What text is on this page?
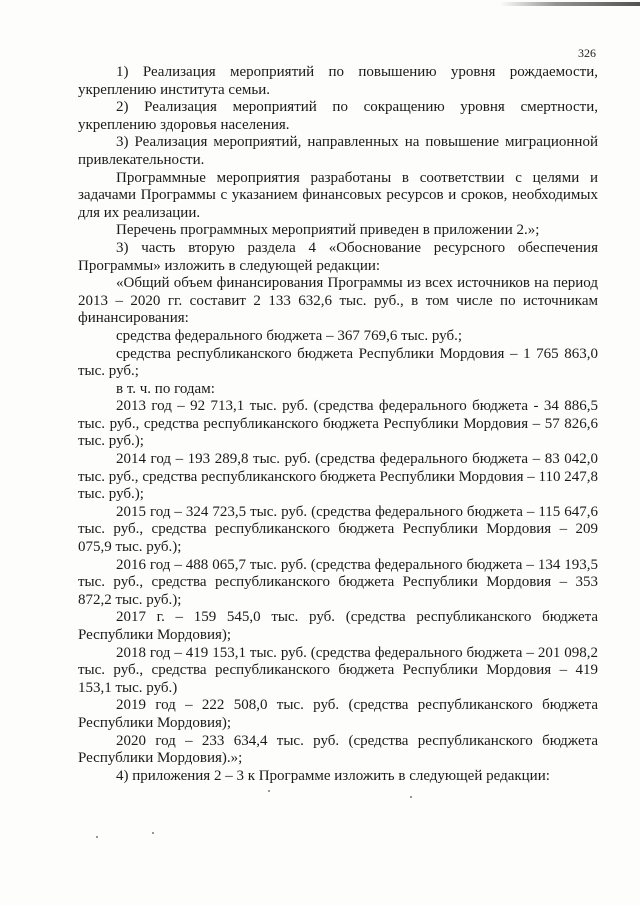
326

1) Реализация мероприятий по повышению уровня рождаемости, укреплению института семьи.

2) Реализация мероприятий по сокращению уровня смертности, укреплению здоровья населения.

3) Реализация мероприятий, направленных на повышение миграционной привлекательности.

Программные мероприятия разработаны в соответствии с целями и задачами Программы с указанием финансовых ресурсов и сроков, необходимых для их реализации.

Перечень программных мероприятий приведен в приложении 2.»;

3) часть вторую раздела 4 «Обоснование ресурсного обеспечения Программы» изложить в следующей редакции:

«Общий объем финансирования Программы из всех источников на период 2013 – 2020 гг. составит 2 133 632,6 тыс. руб., в том числе по источникам финансирования:

средства федерального бюджета – 367 769,6 тыс. руб.;

средства республиканского бюджета Республики Мордовия – 1 765 863,0 тыс. руб.;

в т. ч. по годам:

2013 год – 92 713,1 тыс. руб. (средства федерального бюджета - 34 886,5 тыс. руб., средства республиканского бюджета Республики Мордовия – 57 826,6 тыс. руб.);

2014 год – 193 289,8 тыс. руб. (средства федерального бюджета – 83 042,0 тыс. руб., средства республиканского бюджета Республики Мордовия – 110 247,8 тыс. руб.);

2015 год – 324 723,5 тыс. руб. (средства федерального бюджета – 115 647,6 тыс. руб., средства республиканского бюджета Республики Мордовия – 209 075,9 тыс. руб.);

2016 год – 488 065,7 тыс. руб. (средства федерального бюджета – 134 193,5 тыс. руб., средства республиканского бюджета Республики Мордовия – 353 872,2 тыс. руб.);

2017 г. – 159 545,0 тыс. руб. (средства республиканского бюджета Республики Мордовия);

2018 год – 419 153,1 тыс. руб. (средства федерального бюджета – 201 098,2 тыс. руб., средства республиканского бюджета Республики Мордовия – 419 153,1 тыс. руб.)

2019 год – 222 508,0 тыс. руб. (средства республиканского бюджета Республики Мордовия);

2020 год – 233 634,4 тыс. руб. (средства республиканского бюджета Республики Мордовия).»;

4) приложения 2 – 3 к Программе изложить в следующей редакции:
